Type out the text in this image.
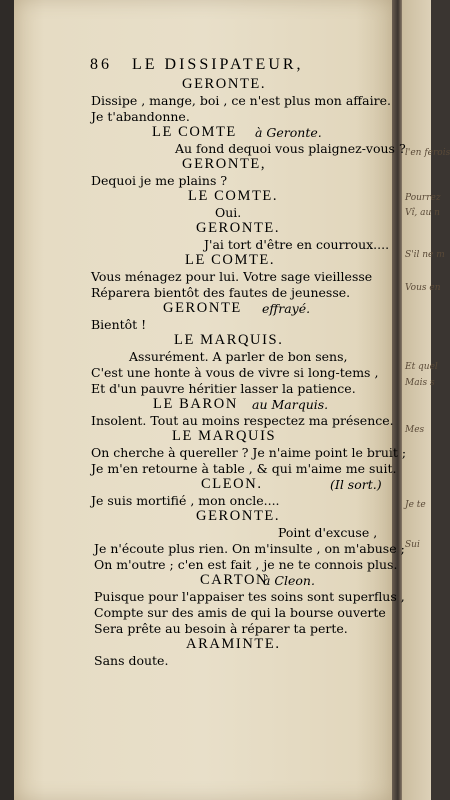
l'en ferois
Pourrez
Vî, au n
S'il ne m
Vous en
Et quel
Mais s
Mes
Je te
Sui
86 LE DISSIPATEUR,
GERONTE.
Dissipe , mange, boi , ce n'est plus mon affaire.
Je t'abandonne.
LE COMTE à Geronte.
Au fond dequoi vous plaignez-vous ?
GERONTE,
Dequoi je me plains ?
LE COMTE.
Oui.
GERONTE.
J'ai tort d'être en courroux....
LE COMTE.
Vous ménagez pour lui. Votre sage vieillesse
Réparera bientôt des fautes de jeunesse.
GERONTE effrayé.
Bientôt !
LE MARQUIS.
Assurément. A parler de bon sens,
C'est une honte à vous de vivre si long-tems ,
Et d'un pauvre héritier lasser la patience.
LE BARON au Marquis.
Insolent. Tout au moins respectez ma présence.
LE MARQUIS
On cherche à quereller ? Je n'aime point le bruit ;
Je m'en retourne à table , & qui m'aime me suit.
CLEON.	(Il sort.)
Je suis mortifié , mon oncle....
GERONTE.
Point d'excuse ,
Je n'écoute plus rien. On m'insulte , on m'abuse ;
On m'outre ; c'en est fait , je ne te connois plus.
CARTON
à Cleon.
Puisque pour l'appaiser tes soins sont superflus ,
Compte sur des amis de qui la bourse ouverte
Sera prête au besoin à réparer ta perte.
ARAMINTE.
Sans doute.
